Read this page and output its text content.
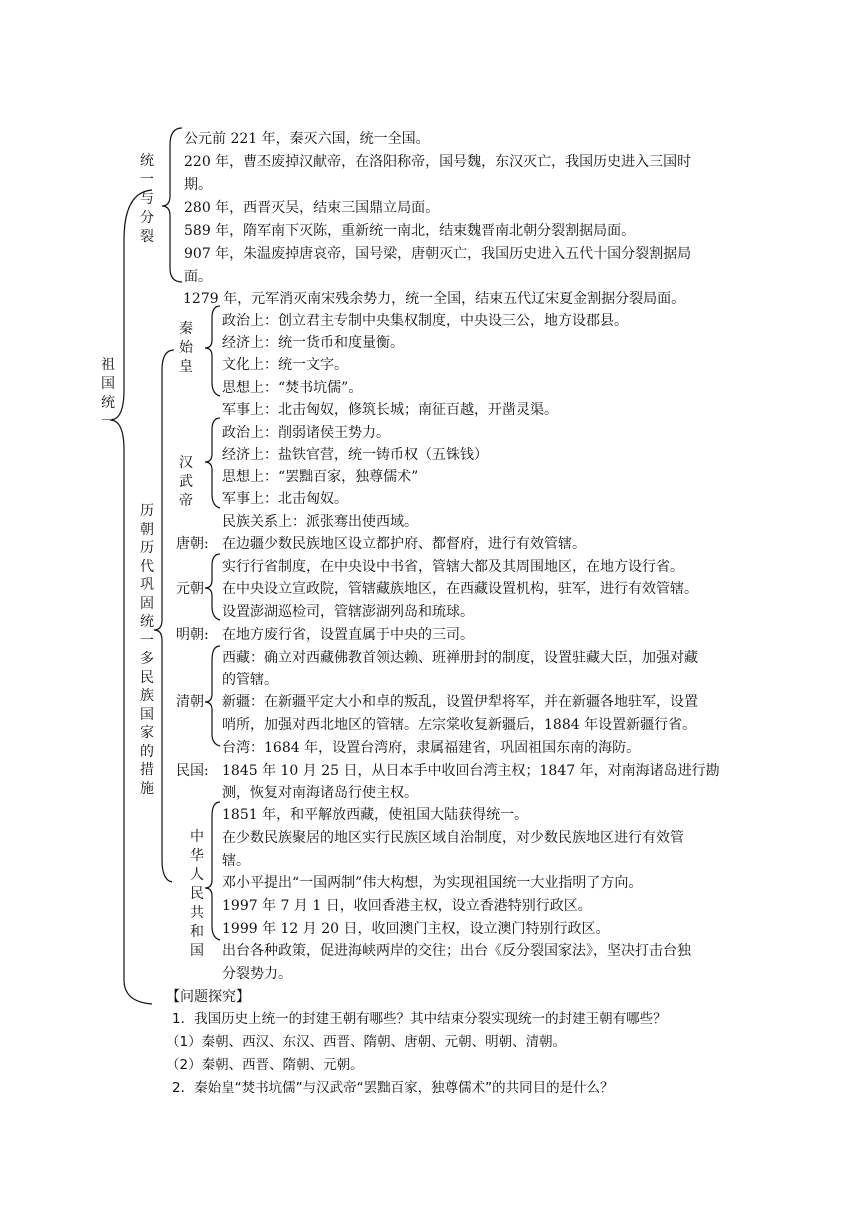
祖国统一
统一与分裂
历朝历代巩固统一多民族国家的措施
秦始皇
汉武帝
中华人民共和国
唐朝:
元朝
明朝:
清朝
民国:
公元前 221 年，秦灭六国，统一全国。
220 年，曹丕废掉汉献帝，在洛阳称帝，国号魏，东汉灭亡，我国历史进入三国时
期。
280 年，西晋灭吴，结束三国鼎立局面。
589 年，隋军南下灭陈，重新统一南北，结束魏晋南北朝分裂割据局面。
907 年，朱温废掉唐哀帝，国号梁，唐朝灭亡，我国历史进入五代十国分裂割据局
面。
1279 年，元军消灭南宋残余势力，统一全国，结束五代辽宋夏金割据分裂局面。
政治上：创立君主专制中央集权制度，中央设三公，地方设郡县。
经济上：统一货币和度量衡。
文化上：统一文字。
思想上：“焚书坑儒”。
军事上：北击匈奴，修筑长城；南征百越，开凿灵渠。
政治上：削弱诸侯王势力。
经济上：盐铁官营，统一铸币权（五铢钱）
思想上：“罢黜百家，独尊儒术”
军事上：北击匈奴。
民族关系上：派张骞出使西域。
在边疆少数民族地区设立都护府、都督府，进行有效管辖。
实行行省制度，在中央设中书省，管辖大都及其周围地区，在地方设行省。
在中央设立宣政院，管辖藏族地区，在西藏设置机构，驻军，进行有效管辖。
设置澎湖巡检司，管辖澎湖列岛和琉球。
在地方废行省，设置直属于中央的三司。
西藏：确立对西藏佛教首领达赖、班禅册封的制度，设置驻藏大臣，加强对藏
的管辖。
新疆：在新疆平定大小和卓的叛乱，设置伊犁将军，并在新疆各地驻军，设置
哨所，加强对西北地区的管辖。左宗棠收复新疆后，1884 年设置新疆行省。
台湾：1684 年，设置台湾府，隶属福建省，巩固祖国东南的海防。
1845 年 10 月 25 日，从日本手中收回台湾主权；1847 年，对南海诸岛进行勘
测，恢复对南海诸岛行使主权。
1851 年，和平解放西藏，使祖国大陆获得统一。
在少数民族聚居的地区实行民族区域自治制度，对少数民族地区进行有效管
辖。
邓小平提出“一国两制”伟大构想，为实现祖国统一大业指明了方向。
1997 年 7 月 1 日，收回香港主权，设立香港特别行政区。
1999 年 12 月 20 日，收回澳门主权，设立澳门特别行政区。
出台各种政策，促进海峡两岸的交往；出台《反分裂国家法》，坚决打击台独
分裂势力。
【问题探究】
1．我国历史上统一的封建王朝有哪些？其中结束分裂实现统一的封建王朝有哪些？
（1）秦朝、西汉、东汉、西晋、隋朝、唐朝、元朝、明朝、清朝。
（2）秦朝、西晋、隋朝、元朝。
2．秦始皇“焚书坑儒”与汉武帝“罢黜百家，独尊儒术”的共同目的是什么？
